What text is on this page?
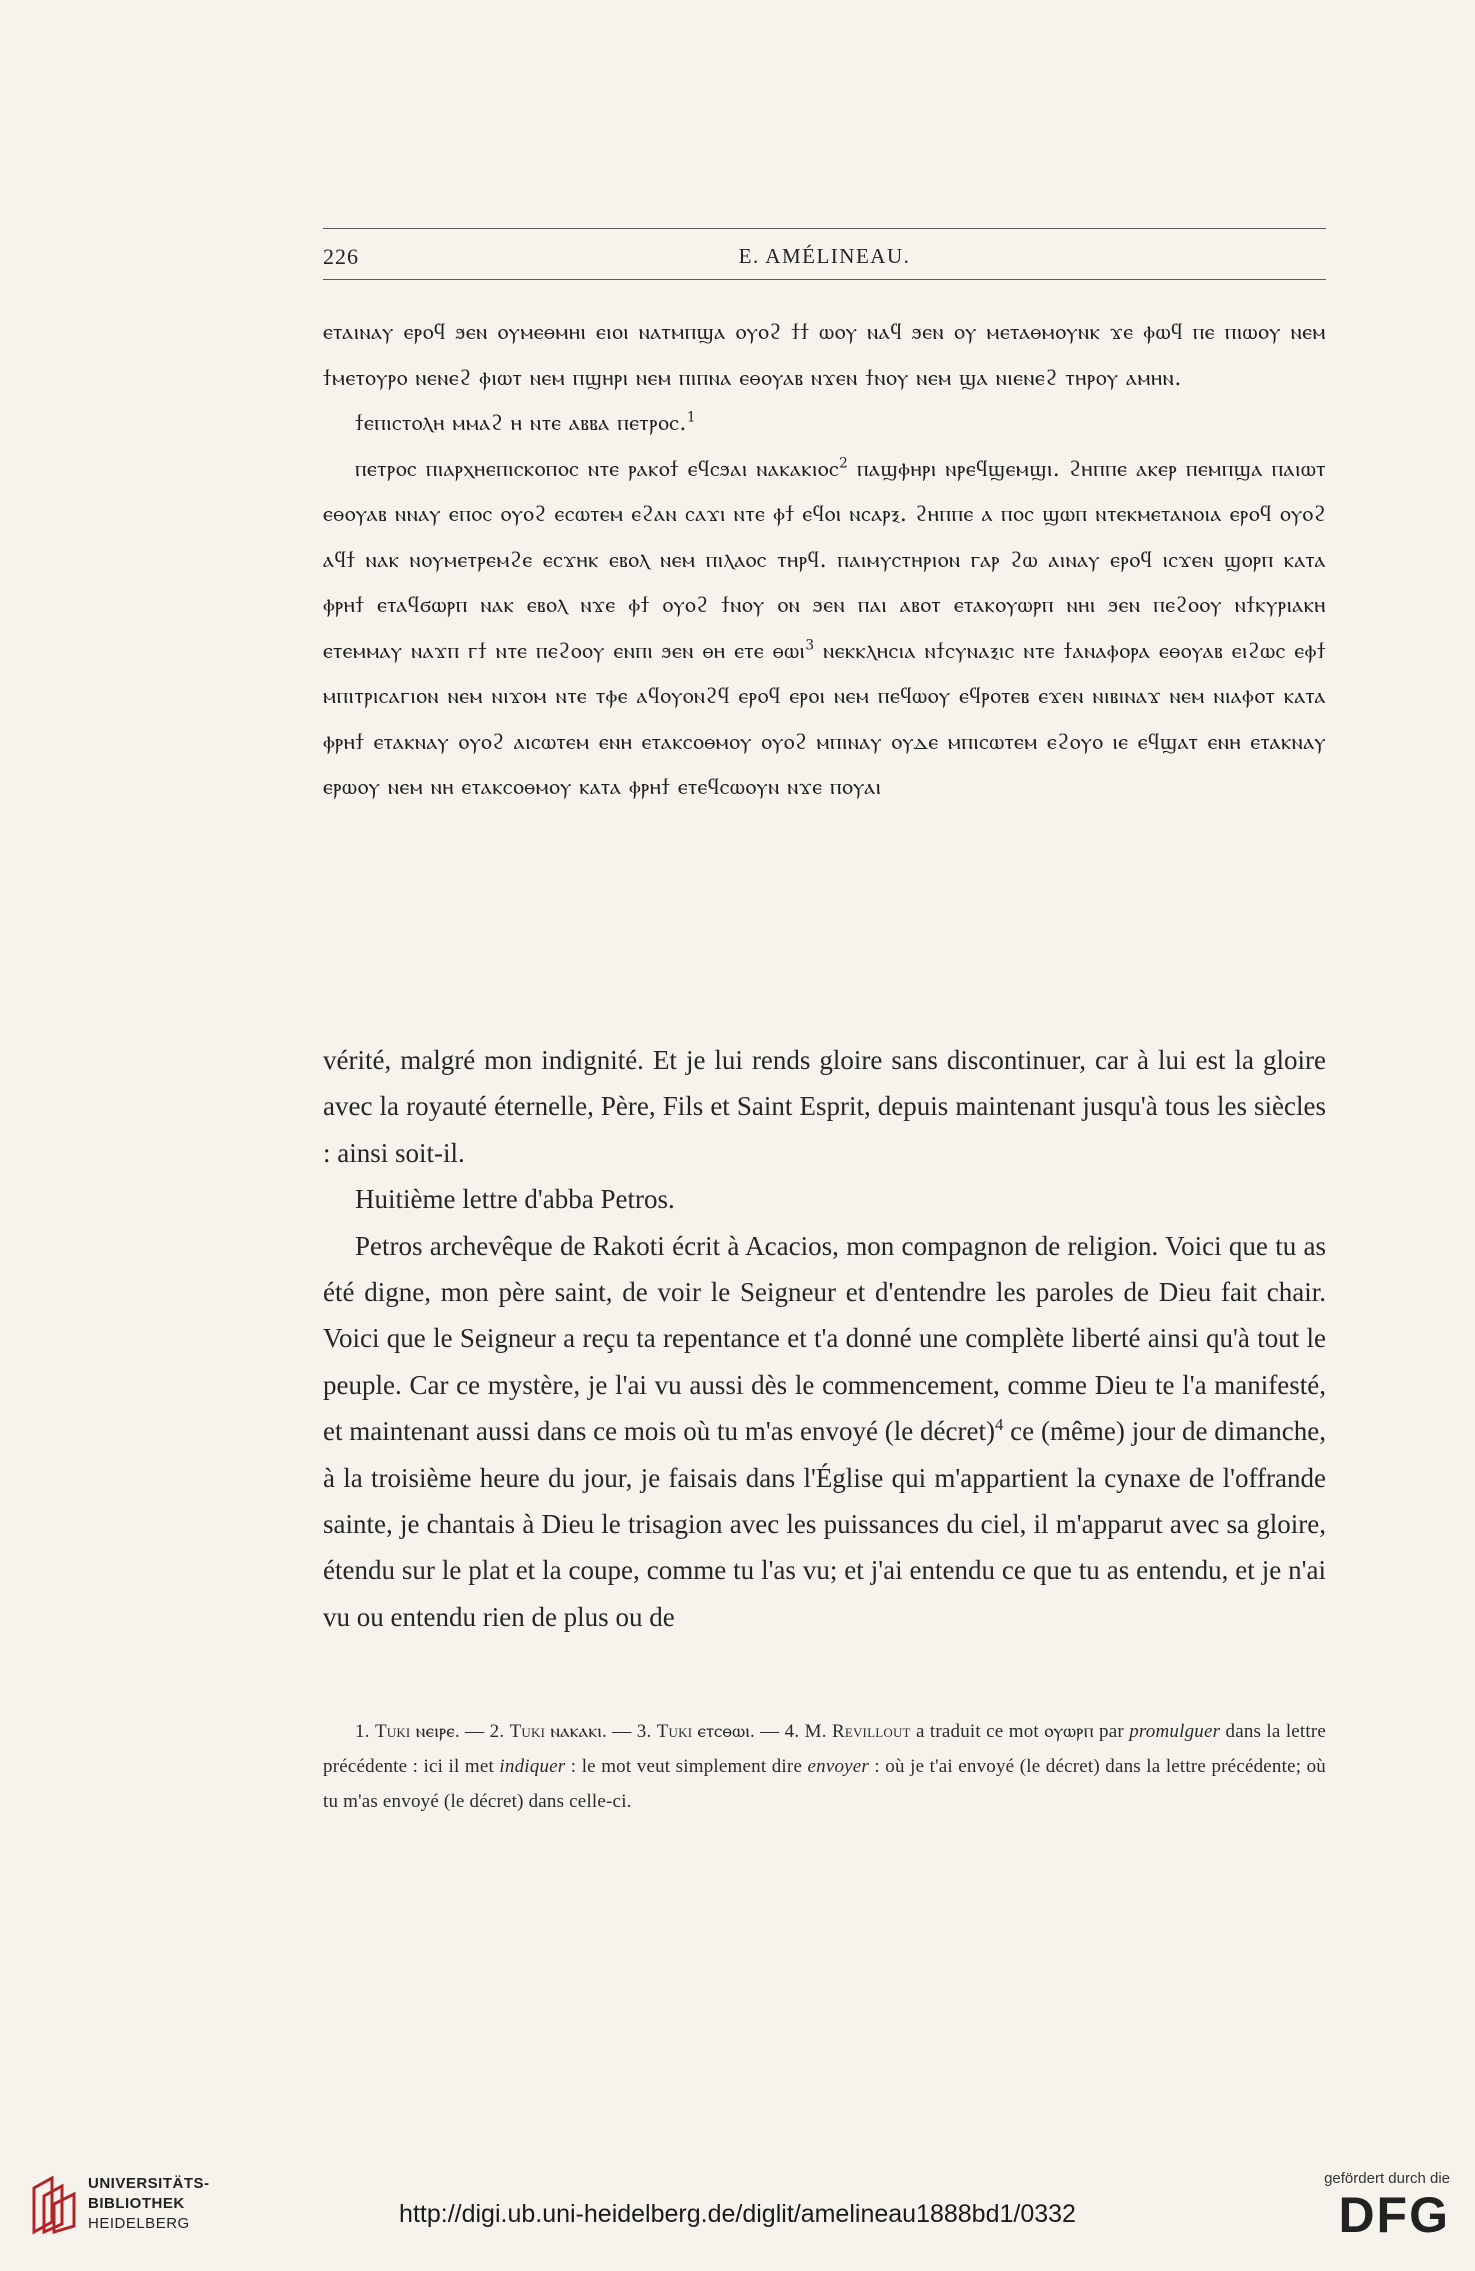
226	E. AMÉLINEAU.

ⲉⲧⲁⲓⲛⲁⲩ ⲉⲣⲟϥ ϧⲉⲛ ⲟⲩⲙⲉⲑⲙⲏⲓ ⲉⲓⲟⲓ ⲛⲁⲧⲙⲡϣⲁ ⲟⲩⲟϩ ϯϯ ⲱⲟⲩ ⲛⲁϥ ϧⲉⲛ ⲟⲩ ⲙⲉⲧⲁⲑⲙⲟⲩⲛⲕ ϫⲉ ⲫⲱϥ ⲡⲉ ⲡⲓⲱⲟⲩ ⲛⲉⲙ ϯⲙⲉⲧⲟⲩⲣⲟ ⲛⲉⲛⲉϩ ⲫⲓⲱⲧ ⲛⲉⲙ ⲡϣⲏⲣⲓ ⲛⲉⲙ ⲡⲓⲡⲛⲁ ⲉⲑⲟⲩⲁⲃ ⲛϫⲉⲛ ϯⲛⲟⲩ ⲛⲉⲙ ϣⲁ ⲛⲓⲉⲛⲉϩ ⲧⲏⲣⲟⲩ ⲁⲙⲏⲛ.

ϯⲉⲡⲓⲥⲧⲟⲗⲏ ⲙⲙⲁϩ ⲏ ⲛⲧⲉ ⲁⲃⲃⲁ ⲡⲉⲧⲣⲟⲥ.$^1$

ⲡⲉⲧⲣⲟⲥ ⲡⲓⲁⲣⲭⲏⲉⲡⲓⲥⲕⲟⲡⲟⲥ ⲛⲧⲉ ⲣⲁⲕⲟϯ ⲉϥⲥϧⲁⲓ ⲛⲁⲕⲁⲕⲓⲟⲥ$^2$ ⲡⲁϣⲫⲏⲣⲓ ⲛⲣⲉϥϣⲉⲙϣⲓ. ϩⲏⲡⲡⲉ ⲁⲕⲉⲣ ⲡⲉⲙⲡϣⲁ ⲡⲁⲓⲱⲧ ⲉⲑⲟⲩⲁⲃ ⲛⲛⲁⲩ ⲉⲡⲟⲥ ⲟⲩⲟϩ ⲉⲥⲱⲧⲉⲙ ⲉϩⲁⲛ ⲥⲁϫⲓ ⲛⲧⲉ ⲫϯ ⲉϥⲟⲓ ⲛⲥⲁⲣⲝ. ϩⲏⲡⲡⲉ ⲁ ⲡⲟⲥ ϣⲱⲡ ⲛⲧⲉⲕⲙⲉⲧⲁⲛⲟⲓⲁ ⲉⲣⲟϥ ⲟⲩⲟϩ ⲁϥϯ ⲛⲁⲕ ⲛⲟⲩⲙⲉⲧⲣⲉⲙϩⲉ ⲉⲥϫⲏⲕ ⲉⲃⲟⲗ ⲛⲉⲙ ⲡⲓⲗⲁⲟⲥ ⲧⲏⲣϥ. ⲡⲁⲓⲙⲩⲥⲧⲏⲣⲓⲟⲛ ⲅⲁⲣ ϩⲱ ⲁⲓⲛⲁⲩ ⲉⲣⲟϥ ⲓⲥϫⲉⲛ ϣⲟⲣⲡ ⲕⲁⲧⲁ ⲫⲣⲏϯ ⲉⲧⲁϥϭⲱⲣⲡ ⲛⲁⲕ ⲉⲃⲟⲗ ⲛϫⲉ ⲫϯ ⲟⲩⲟϩ ϯⲛⲟⲩ ⲟⲛ ϧⲉⲛ ⲡⲁⲓ ⲁⲃⲟⲧ ⲉⲧⲁⲕⲟⲩⲱⲣⲡ ⲛⲏⲓ ϧⲉⲛ ⲡⲉϩⲟⲟⲩ ⲛϯⲕⲩⲣⲓⲁⲕⲏ ⲉⲧⲉⲙⲙⲁⲩ ⲛⲁϫⲡ ⲅϯ ⲛⲧⲉ ⲡⲉϩⲟⲟⲩ ⲉⲛⲡⲓ ϧⲉⲛ ⲑⲏ ⲉⲧⲉ ⲑⲱⲓ$^3$ ⲛⲉⲕⲕⲗⲏⲥⲓⲁ ⲛϯⲥⲩⲛⲁⲝⲓⲥ ⲛⲧⲉ ϯⲁⲛⲁⲫⲟⲣⲁ ⲉⲑⲟⲩⲁⲃ ⲉⲓϩⲱⲥ ⲉⲫϯ ⲙⲡⲓⲧⲣⲓⲥⲁⲅⲓⲟⲛ ⲛⲉⲙ ⲛⲓϫⲟⲙ ⲛⲧⲉ ⲧⲫⲉ ⲁϥⲟⲩⲟⲛϩϥ ⲉⲣⲟϥ ⲉⲣⲟⲓ ⲛⲉⲙ ⲡⲉϥⲱⲟⲩ ⲉϥⲣⲟⲧⲉⲃ ⲉϫⲉⲛ ⲛⲓⲃⲓⲛⲁϫ ⲛⲉⲙ ⲛⲓⲁⲫⲟⲧ ⲕⲁⲧⲁ ⲫⲣⲏϯ ⲉⲧⲁⲕⲛⲁⲩ ⲟⲩⲟϩ ⲁⲓⲥⲱⲧⲉⲙ ⲉⲛⲏ ⲉⲧⲁⲕⲥⲟⲑⲙⲟⲩ ⲟⲩⲟϩ ⲙⲡⲓⲛⲁⲩ ⲟⲩⲇⲉ ⲙⲡⲓⲥⲱⲧⲉⲙ ⲉϩⲟⲩⲟ ⲓⲉ ⲉϥϣⲁⲧ ⲉⲛⲏ ⲉⲧⲁⲕⲛⲁⲩ ⲉⲣⲱⲟⲩ ⲛⲉⲙ ⲛⲏ ⲉⲧⲁⲕⲥⲟⲑⲙⲟⲩ ⲕⲁⲧⲁ ⲫⲣⲏϯ ⲉⲧⲉϥⲥⲱⲟⲩⲛ ⲛϫⲉ ⲡⲟⲩⲁⲓ

vérité, malgré mon indignité. Et je lui rends gloire sans discontinuer, car à lui est la gloire avec la royauté éternelle, Père, Fils et Saint Esprit, depuis maintenant jusqu'à tous les siècles : ainsi soit-il.

Huitième lettre d'abba Petros.

Petros archevêque de Rakoti écrit à Acacios, mon compagnon de religion. Voici que tu as été digne, mon père saint, de voir le Seigneur et d'entendre les paroles de Dieu fait chair. Voici que le Seigneur a reçu ta repentance et t'a donné une complète liberté ainsi qu'à tout le peuple. Car ce mystère, je l'ai vu aussi dès le commencement, comme Dieu te l'a manifesté, et maintenant aussi dans ce mois où tu m'as envoyé (le décret)$^4$ ce (même) jour de dimanche, à la troisième heure du jour, je faisais dans l'Église qui m'appartient la cynaxe de l'offrande sainte, je chantais à Dieu le trisagion avec les puissances du ciel, il m'apparut avec sa gloire, étendu sur le plat et la coupe, comme tu l'as vu; et j'ai entendu ce que tu as entendu, et je n'ai vu ou entendu rien de plus ou de

1. Tuki ⲛⲉⲓⲣⲉ. — 2. Tuki ⲛⲁⲕⲁⲕⲓ. — 3. Tuki ⲉⲧⲥⲑⲱⲓ. — 4. M. Revillout a traduit ce mot ⲟⲩⲱⲣⲡ par promulguer dans la lettre précédente : ici il met indiquer : le mot veut simplement dire envoyer : où je t'ai envoyé (le décret) dans la lettre précédente; où tu m'as envoyé (le décret) dans celle-ci.

UNIVERSITÄTS-
BIBLIOTHEK
HEIDELBERG	http://digi.ub.uni-heidelberg.de/diglit/amelineau1888bd1/0332
gefördert durch die
DFG
